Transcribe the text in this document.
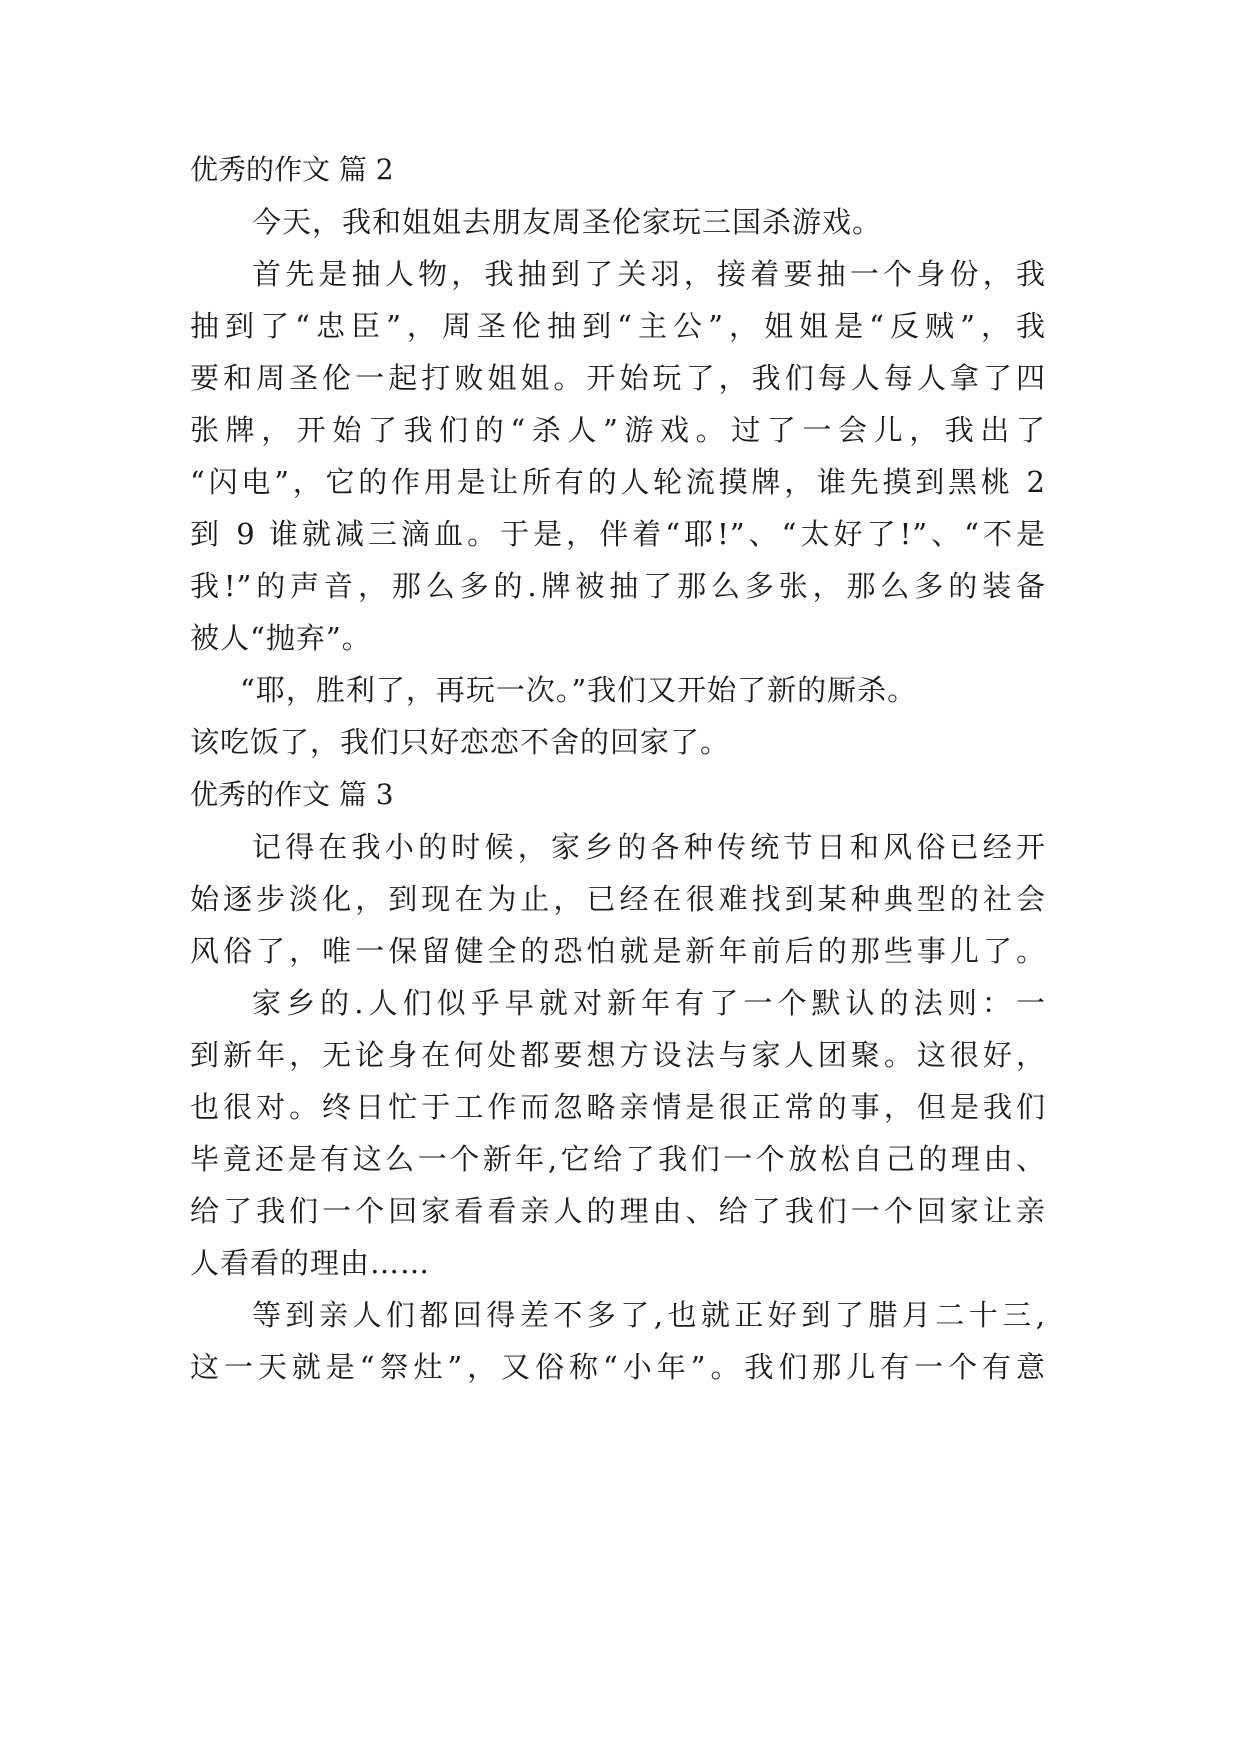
优秀的作文 篇 2
今天，我和姐姐去朋友周圣伦家玩三国杀游戏。
首先是抽人物，我抽到了关羽，接着要抽一个身份，我
抽到了“忠臣”，周圣伦抽到“主公”，姐姐是“反贼”，我
要和周圣伦一起打败姐姐。开始玩了，我们每人每人拿了四
张牌，开始了我们的“杀人”游戏。过了一会儿，我出了
“闪电”，它的作用是让所有的人轮流摸牌，谁先摸到黑桃 2
到 9 谁就减三滴血。于是，伴着“耶!”、“太好了!”、“不是
我!”的声音，那么多的.牌被抽了那么多张，那么多的装备
被人“抛弃”。
“耶，胜利了，再玩一次。”我们又开始了新的厮杀。
该吃饭了，我们只好恋恋不舍的回家了。
优秀的作文 篇 3
记得在我小的时候，家乡的各种传统节日和风俗已经开
始逐步淡化，到现在为止，已经在很难找到某种典型的社会
风俗了，唯一保留健全的恐怕就是新年前后的那些事儿了。
家乡的.人们似乎早就对新年有了一个默认的法则：一
到新年，无论身在何处都要想方设法与家人团聚。这很好，
也很对。终日忙于工作而忽略亲情是很正常的事，但是我们
毕竟还是有这么一个新年,它给了我们一个放松自己的理由、
给了我们一个回家看看亲人的理由、给了我们一个回家让亲
人看看的理由……
等到亲人们都回得差不多了,也就正好到了腊月二十三,
这一天就是“祭灶”，又俗称“小年”。我们那儿有一个有意
